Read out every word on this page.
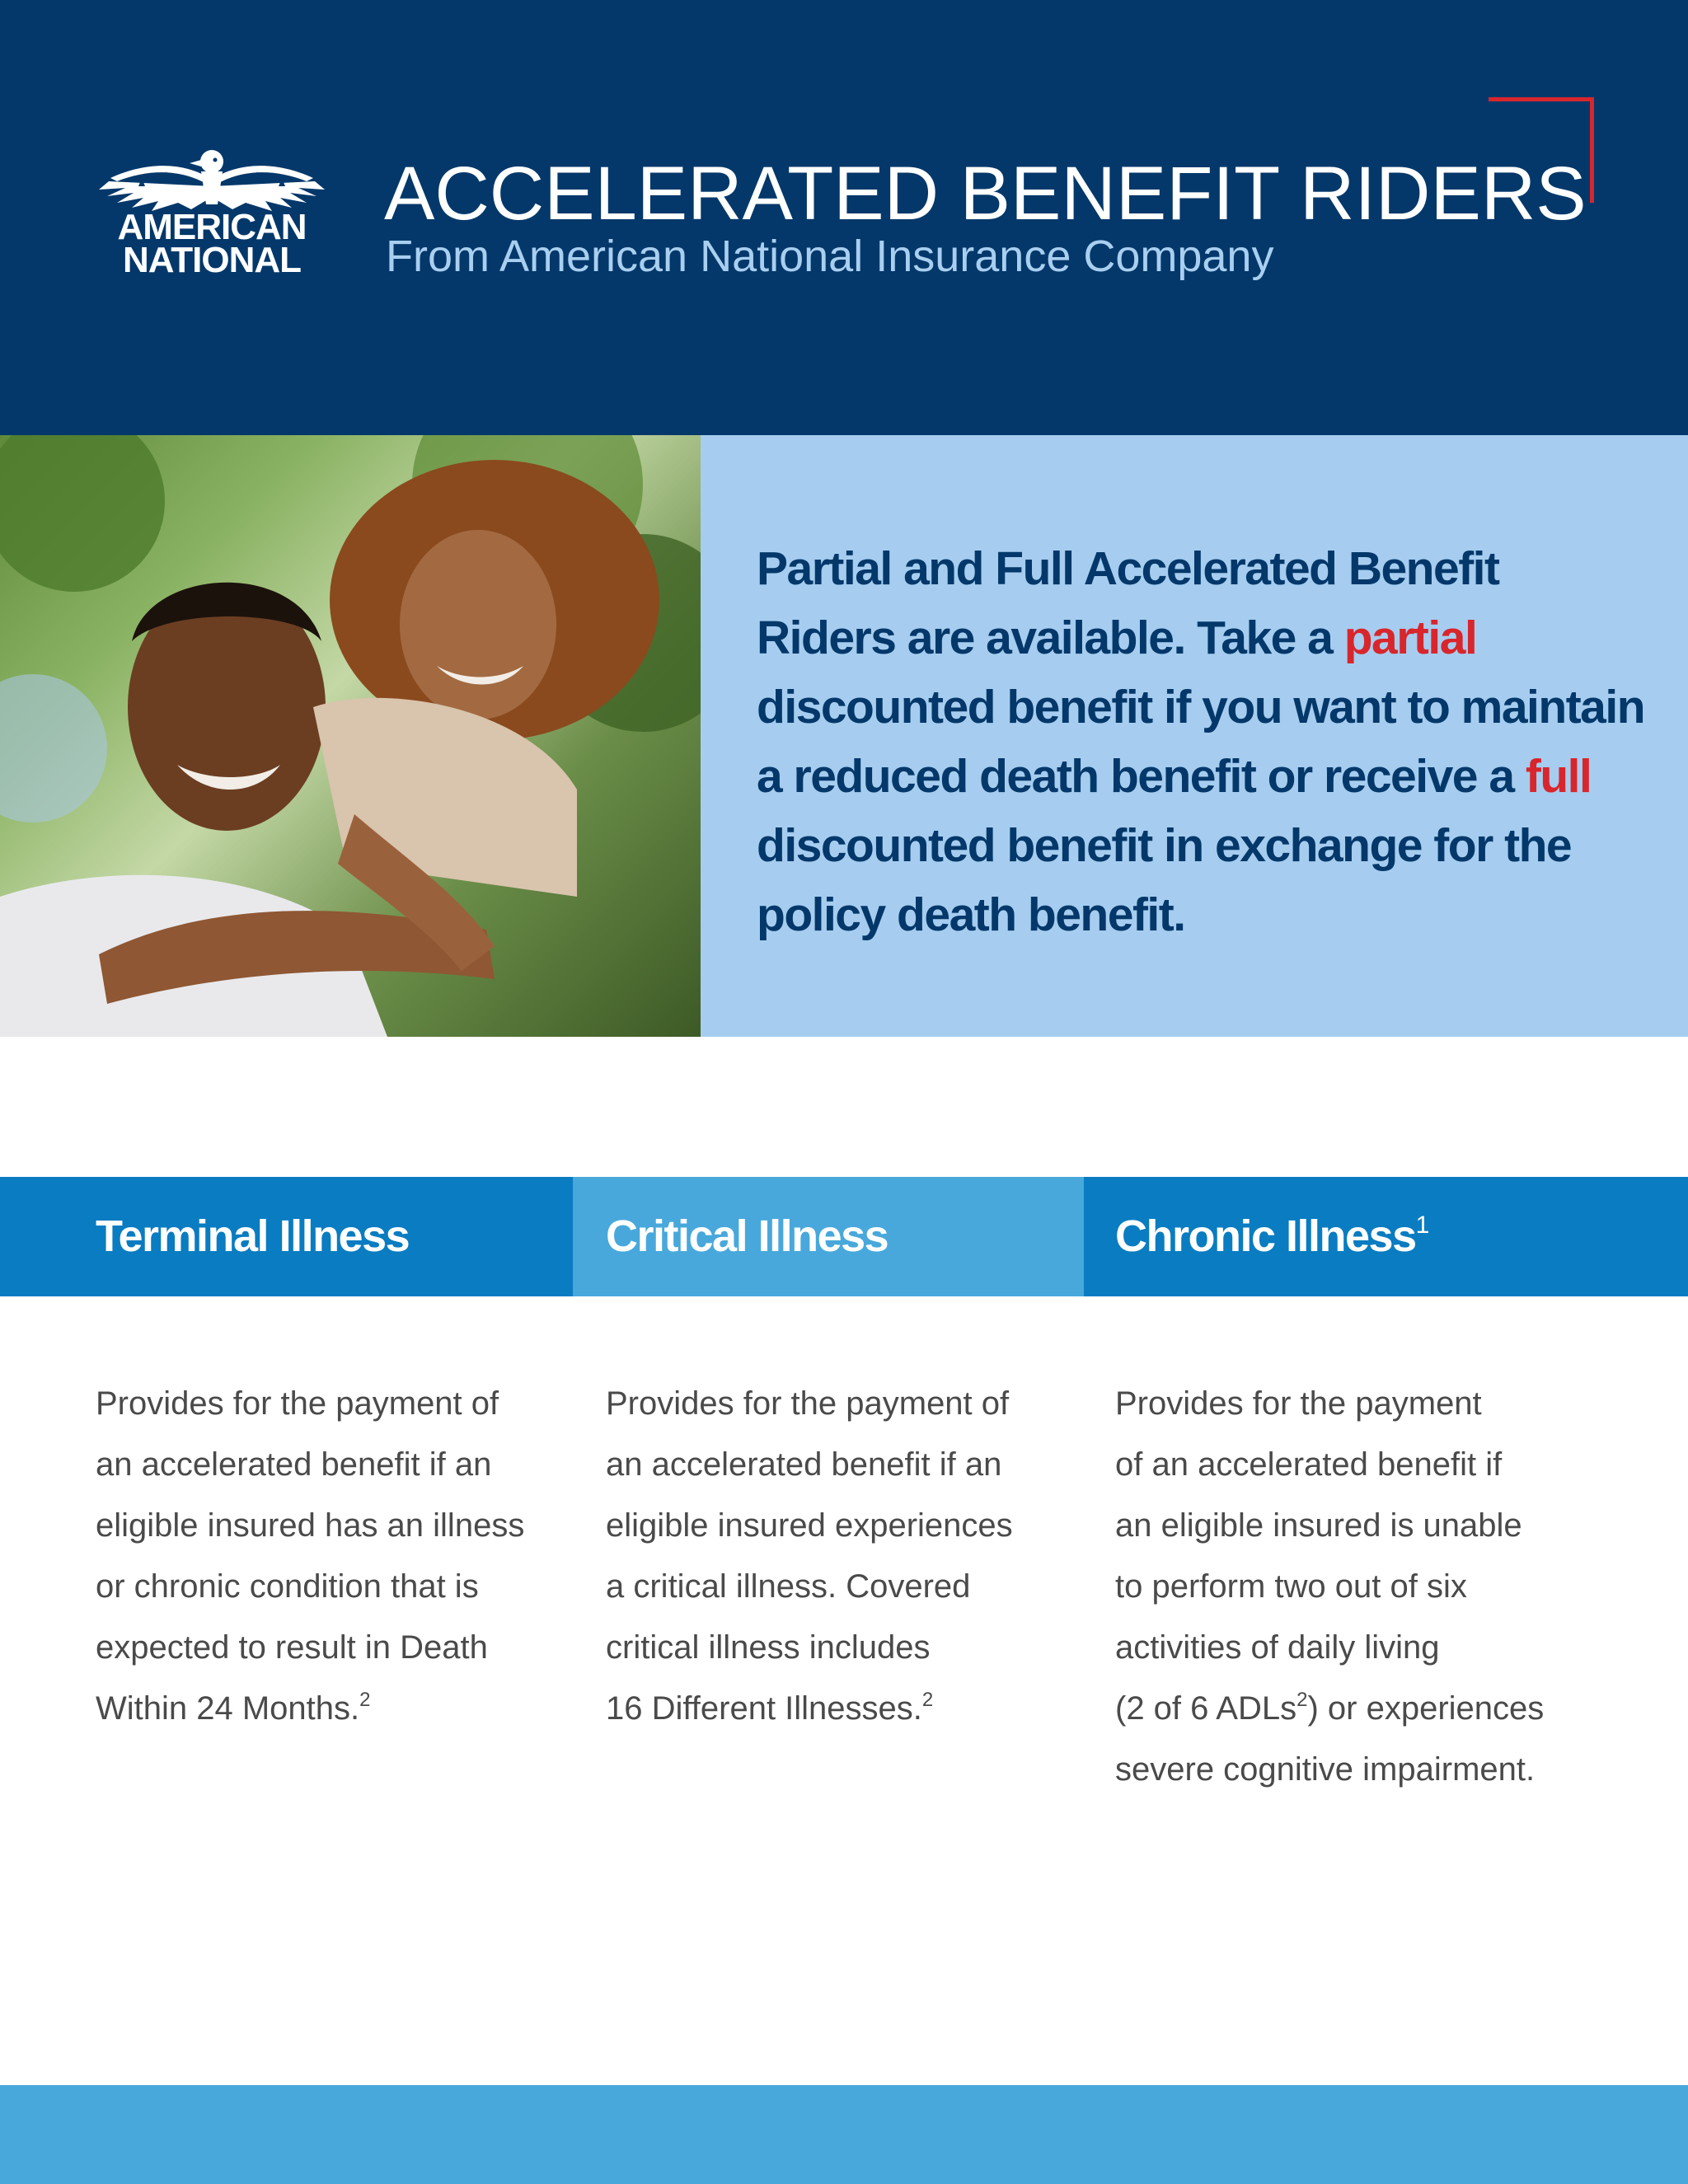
AMERICAN
NATIONAL
ACCELERATED BENEFIT RIDERS
From American National Insurance Company

Partial and Full Accelerated Benefit Riders are available. Take a partial discounted benefit if you want to maintain a reduced death benefit or receive a full discounted benefit in exchange for the policy death benefit.

Terminal Illness	Critical Illness	Chronic Illness$^1$
Provides for the payment of
an accelerated benefit if an
eligible insured has an illness
or chronic condition that is
expected to result in Death
Within 24 Months.$^2$
Provides for the payment of
an accelerated benefit if an
eligible insured experiences
a critical illness. Covered
critical illness includes
16 Different Illnesses.$^2$
Provides for the payment
of an accelerated benefit if
an eligible insured is unable
to perform two out of six
activities of daily living
(2 of 6 ADLs$^2$) or experiences
severe cognitive impairment.
